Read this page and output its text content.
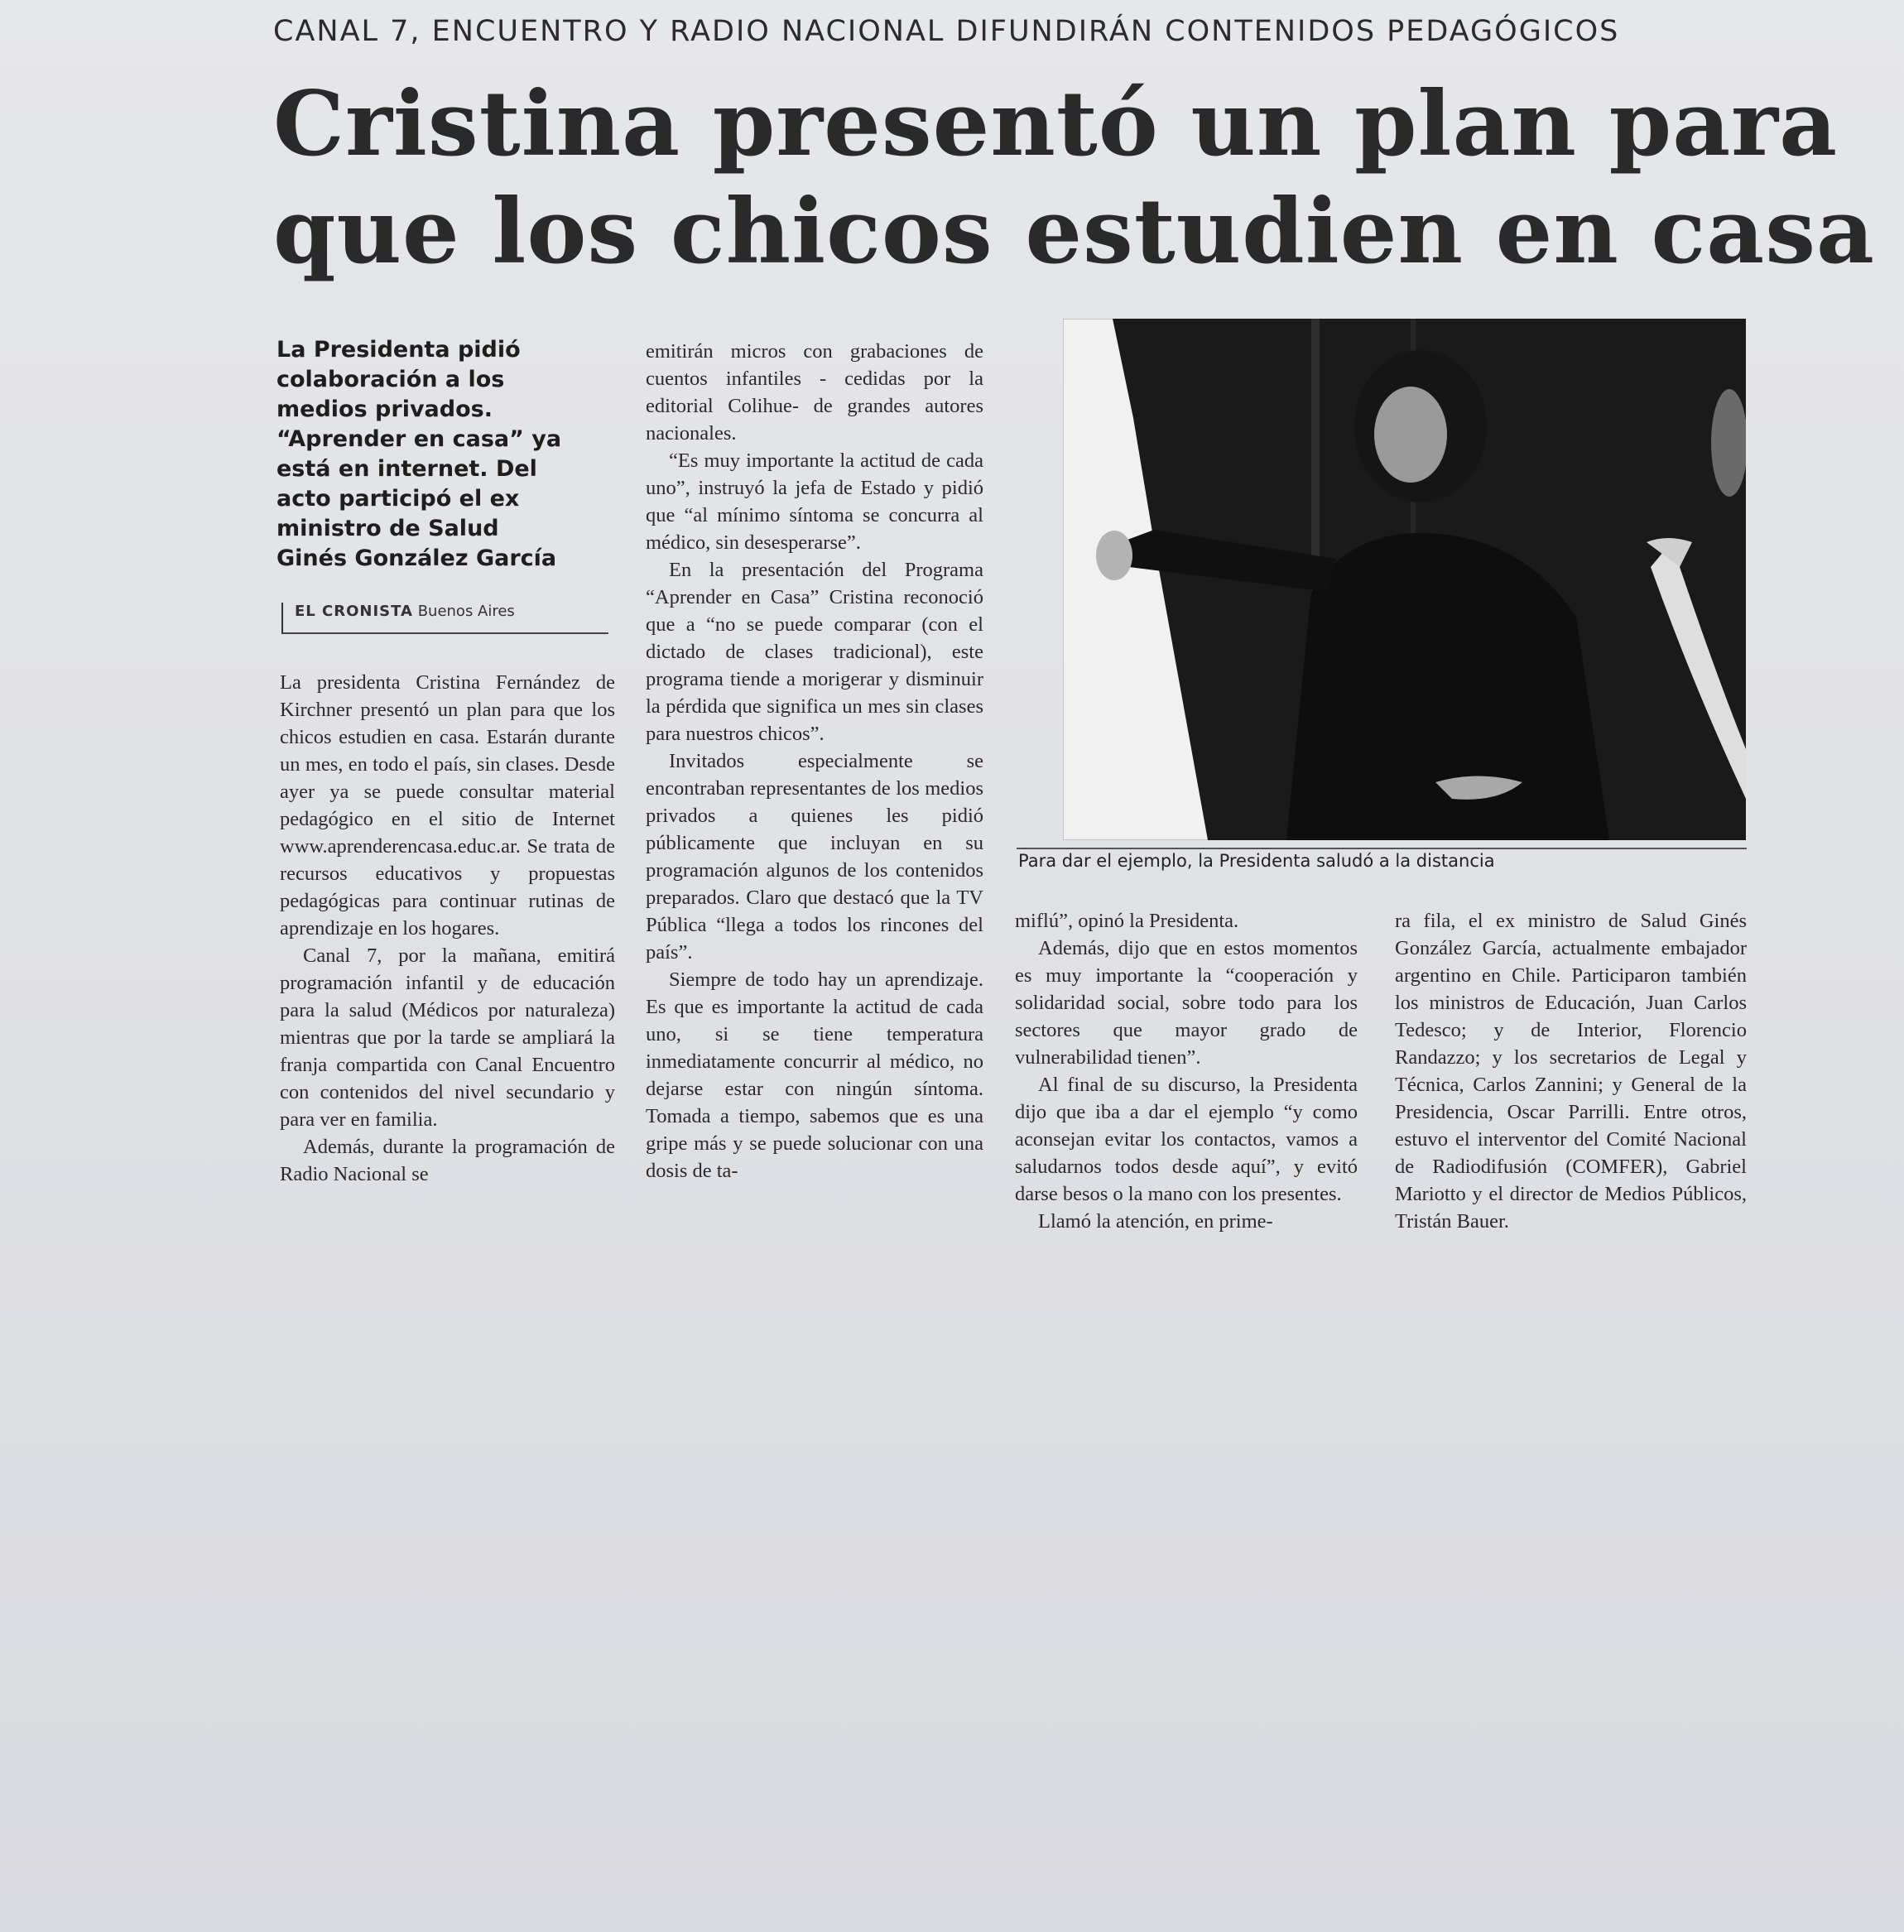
CANAL 7, ENCUENTRO Y RADIO NACIONAL DIFUNDIRÁN CONTENIDOS PEDAGÓGICOS
Cristina presentó un plan para
que los chicos estudien en casa
La Presidenta pidió
colaboración a los
medios privados.
“Aprender en casa” ya
está en internet. Del
acto participó el ex
ministro de Salud
Ginés González García
EL CRONISTA Buenos Aires

La presidenta Cristina Fernández de Kirchner presentó un plan para que los chicos estudien en casa. Estarán durante un mes, en todo el país, sin clases. Desde ayer ya se puede consultar material pedagógico en el sitio de Internet www.aprenderencasa.educ.ar. Se trata de recursos educativos y propuestas pedagógicas para continuar rutinas de aprendizaje en los hogares.

Canal 7, por la mañana, emitirá programación infantil y de educación para la salud (Médicos por naturaleza) mientras que por la tarde se ampliará la franja compartida con Canal Encuentro con contenidos del nivel secundario y para ver en familia.

Además, durante la programación de Radio Nacional se

emitirán micros con grabaciones de cuentos infantiles - cedidas por la editorial Colihue- de grandes autores nacionales.

“Es muy importante la actitud de cada uno”, instruyó la jefa de Estado y pidió que “al mínimo síntoma se concurra al médico, sin desesperarse”.

En la presentación del Programa “Aprender en Casa” Cristina reconoció que a “no se puede comparar (con el dictado de clases tradicional), este programa tiende a morigerar y disminuir la pérdida que significa un mes sin clases para nuestros chicos”.

Invitados especialmente se encontraban representantes de los medios privados a quienes les pidió públicamente que incluyan en su programación algunos de los contenidos preparados. Claro que destacó que la TV Pública “llega a todos los rincones del país”.

Siempre de todo hay un aprendizaje. Es que es importante la actitud de cada uno, si se tiene temperatura inmediatamente concurrir al médico, no dejarse estar con ningún síntoma. Tomada a tiempo, sabemos que es una gripe más y se puede solucionar con una dosis de ta-

Para dar el ejemplo, la Presidenta saludó a la distancia

miflú”, opinó la Presidenta.

Además, dijo que en estos momentos es muy importante la “cooperación y solidaridad social, sobre todo para los sectores que mayor grado de vulnerabilidad tienen”.

Al final de su discurso, la Presidenta dijo que iba a dar el ejemplo “y como aconsejan evitar los contactos, vamos a saludarnos todos desde aquí”, y evitó darse besos o la mano con los presentes.

Llamó la atención, en prime-

ra fila, el ex ministro de Salud Ginés González García, actualmente embajador argentino en Chile. Participaron también los ministros de Educación, Juan Carlos Tedesco; y de Interior, Florencio Randazzo; y los secretarios de Legal y Técnica, Carlos Zannini; y General de la Presidencia, Oscar Parrilli. Entre otros, estuvo el interventor del Comité Nacional de Radiodifusión (COMFER), Gabriel Mariotto y el director de Medios Públicos, Tristán Bauer.
